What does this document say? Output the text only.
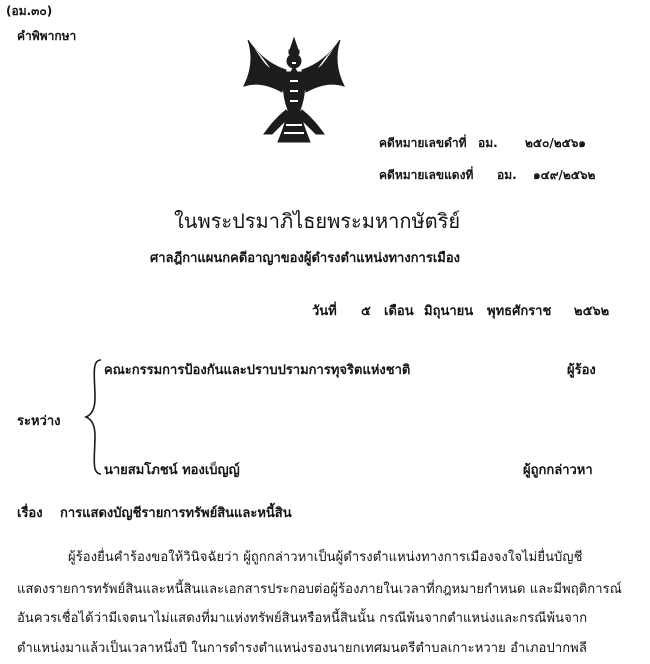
(อม.๓๐)
คำพิพากษา
คดีหมายเลขดำที่ อม. ๒๕๐/๒๕๖๑
คดีหมายเลขแดงที่ อม. ๑๔๙/๒๕๖๒
ในพระปรมาภิไธยพระมหากษัตริย์
ศาลฎีกาแผนกคดีอาญาของผู้ดำรงตำแหน่งทางการเมือง
วันที่ ๕ เดือน มิถุนายน พุทธศักราช ๒๕๖๒
คณะกรรมการป้องกันและปราบปรามการทุจริตแห่งชาติ	ผู้ร้อง
ระหว่าง
นายสมโภชน์ ทองเบ็ญญ์	ผู้ถูกกล่าวหา
เรื่อง การแสดงบัญชีรายการทรัพย์สินและหนี้สิน
ผู้ร้องยื่นคำร้องขอให้วินิจฉัยว่า ผู้ถูกกล่าวหาเป็นผู้ดำรงตำแหน่งทางการเมืองจงใจไม่ยื่นบัญชี
แสดงรายการทรัพย์สินและหนี้สินและเอกสารประกอบต่อผู้ร้องภายในเวลาที่กฎหมายกำหนด และมีพฤติการณ์
อันควรเชื่อได้ว่ามีเจตนาไม่แสดงที่มาแห่งทรัพย์สินหรือหนี้สินนั้น กรณีพ้นจากตำแหน่งและกรณีพ้นจาก
ตำแหน่งมาแล้วเป็นเวลาหนึ่งปี ในการดำรงตำแหน่งรองนายกเทศมนตรีตำบลเกาะหวาย อำเภอปากพลี
